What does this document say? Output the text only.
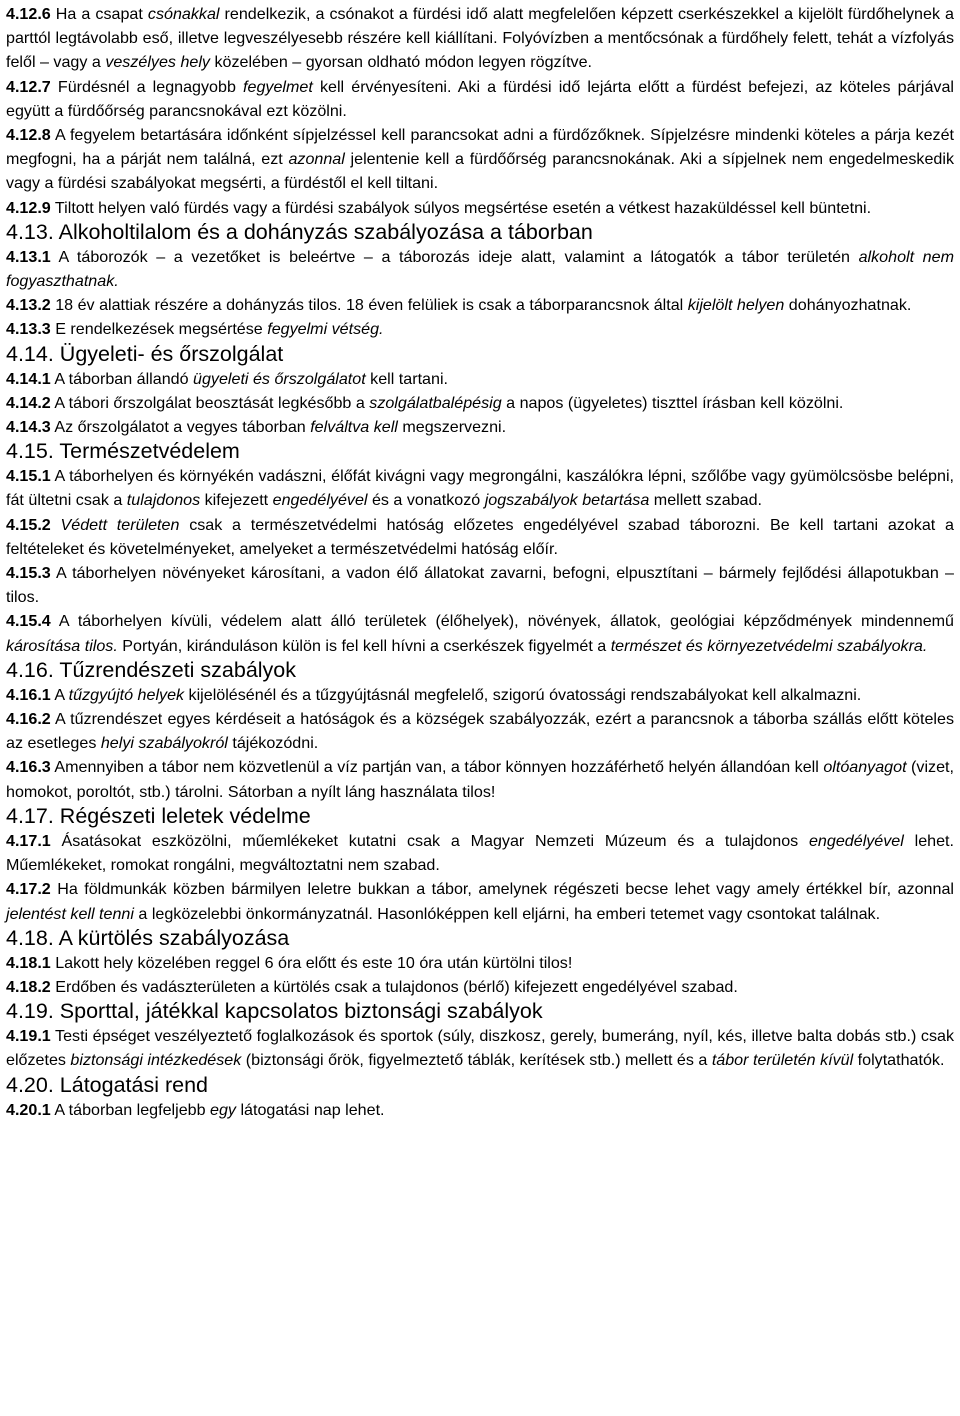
4.12.6 Ha a csapat csónakkal rendelkezik, a csónakot a fürdési idő alatt megfelelően képzett cserkészekkel a kijelölt fürdőhelynek a parttól legtávolabb eső, illetve legveszélyesebb részére kell kiállítani. Folyóvízben a mentőcsónak a fürdőhely felett, tehát a vízfolyás felől – vagy a veszélyes hely közelében – gyorsan oldható módon legyen rögzítve.

4.12.7 Fürdésnél a legnagyobb fegyelmet kell érvényesíteni. Aki a fürdési idő lejárta előtt a fürdést befejezi, az köteles párjával együtt a fürdőőrség parancsnokával ezt közölni.

4.12.8 A fegyelem betartására időnként sípjelzéssel kell parancsokat adni a fürdőzőknek. Sípjelzésre mindenki köteles a párja kezét megfogni, ha a párját nem találná, ezt azonnal jelentenie kell a fürdőőrség parancsnokának. Aki a sípjelnek nem engedelmeskedik vagy a fürdési szabályokat megsérti, a fürdéstől el kell tiltani.

4.12.9 Tiltott helyen való fürdés vagy a fürdési szabályok súlyos megsértése esetén a vétkest hazaküldéssel kell büntetni.

4.13. Alkoholtilalom és a dohányzás szabályozása a táborban

4.13.1 A táborozók – a vezetőket is beleértve – a táborozás ideje alatt, valamint a látogatók a tábor területén alkoholt nem fogyaszthatnak.

4.13.2 18 év alattiak részére a dohányzás tilos. 18 éven felüliek is csak a táborparancsnok által kijelölt helyen dohányozhatnak.

4.13.3 E rendelkezések megsértése fegyelmi vétség.

4.14. Ügyeleti- és őrszolgálat

4.14.1 A táborban állandó ügyeleti és őrszolgálatot kell tartani.

4.14.2 A tábori őrszolgálat beosztását legkésőbb a szolgálatbalépésig a napos (ügyeletes) tiszttel írásban kell közölni.

4.14.3 Az őrszolgálatot a vegyes táborban felváltva kell megszervezni.

4.15. Természetvédelem

4.15.1 A táborhelyen és környékén vadászni, élőfát kivágni vagy megrongálni, kaszálókra lépni, szőlőbe vagy gyümölcsösbe belépni, fát ültetni csak a tulajdonos kifejezett engedélyével és a vonatkozó jogszabályok betartása mellett szabad.

4.15.2 Védett területen csak a természetvédelmi hatóság előzetes engedélyével szabad táborozni. Be kell tartani azokat a feltételeket és követelményeket, amelyeket a természetvédelmi hatóság előír.

4.15.3 A táborhelyen növényeket károsítani, a vadon élő állatokat zavarni, befogni, elpusztítani – bármely fejlődési állapotukban – tilos.

4.15.4 A táborhelyen kívüli, védelem alatt álló területek (élőhelyek), növények, állatok, geológiai képződmények mindennemű károsítása tilos. Portyán, kiránduláson külön is fel kell hívni a cserkészek figyelmét a természet és környezetvédelmi szabályokra.

4.16. Tűzrendészeti szabályok

4.16.1 A tűzgyújtó helyek kijelölésénél és a tűzgyújtásnál megfelelő, szigorú óvatossági rendszabályokat kell alkalmazni.

4.16.2 A tűzrendészet egyes kérdéseit a hatóságok és a községek szabályozzák, ezért a parancsnok a táborba szállás előtt köteles az esetleges helyi szabályokról tájékozódni.

4.16.3 Amennyiben a tábor nem közvetlenül a víz partján van, a tábor könnyen hozzáférhető helyén állandóan kell oltóanyagot (vizet, homokot, poroltót, stb.) tárolni. Sátorban a nyílt láng használata tilos!

4.17. Régészeti leletek védelme

4.17.1 Ásatásokat eszközölni, műemlékeket kutatni csak a Magyar Nemzeti Múzeum és a tulajdonos engedélyével lehet. Műemlékeket, romokat rongálni, megváltoztatni nem szabad.

4.17.2 Ha földmunkák közben bármilyen leletre bukkan a tábor, amelynek régészeti becse lehet vagy amely értékkel bír, azonnal jelentést kell tenni a legközelebbi önkormányzatnál. Hasonlóképpen kell eljárni, ha emberi tetemet vagy csontokat találnak.

4.18. A kürtölés szabályozása

4.18.1 Lakott hely közelében reggel 6 óra előtt és este 10 óra után kürtölni tilos!

4.18.2 Erdőben és vadászterületen a kürtölés csak a tulajdonos (bérlő) kifejezett engedélyével szabad.

4.19. Sporttal, játékkal kapcsolatos biztonsági szabályok

4.19.1 Testi épséget veszélyeztető foglalkozások és sportok (súly, diszkosz, gerely, bumeráng, nyíl, kés, illetve balta dobás stb.) csak előzetes biztonsági intézkedések (biztonsági őrök, figyelmeztető táblák, kerítések stb.) mellett és a tábor területén kívül folytathatók.

4.20. Látogatási rend

4.20.1 A táborban legfeljebb egy látogatási nap lehet.
